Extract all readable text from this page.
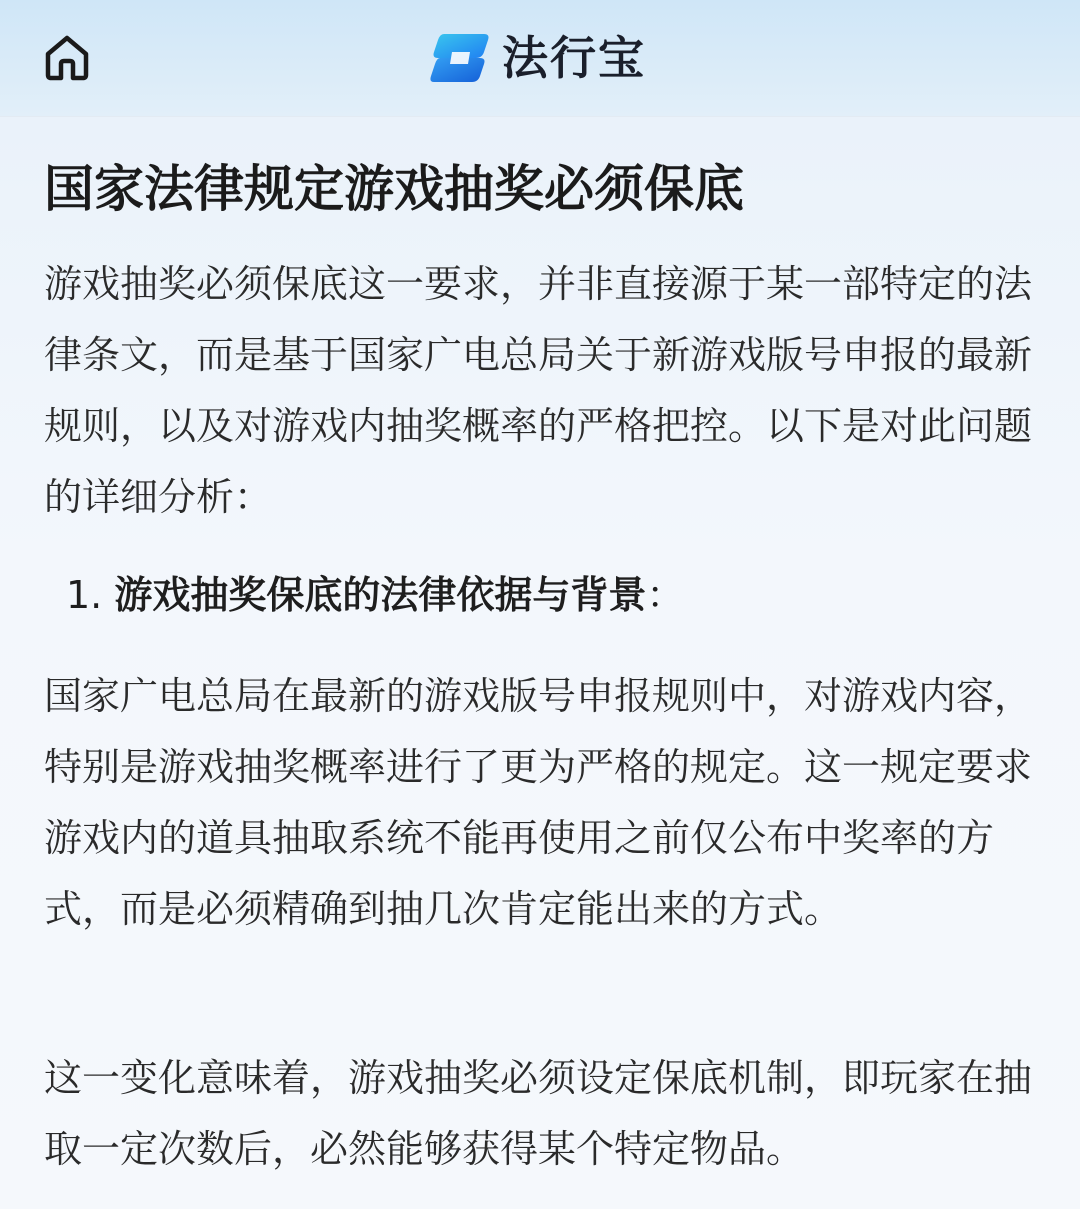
法行宝
国家法律规定游戏抽奖必须保底

游戏抽奖必须保底这一要求，并非直接源于某一部特定的法律条文，而是基于国家广电总局关于新游戏版号申报的最新规则，以及对游戏内抽奖概率的严格把控。以下是对此问题的详细分析：

1. 游戏抽奖保底的法律依据与背景：

国家广电总局在最新的游戏版号申报规则中，对游戏内容，特别是游戏抽奖概率进行了更为严格的规定。这一规定要求游戏内的道具抽取系统不能再使用之前仅公布中奖率的方式，而是必须精确到抽几次肯定能出来的方式。

这一变化意味着，游戏抽奖必须设定保底机制，即玩家在抽取一定次数后，必然能够获得某个特定物品。
